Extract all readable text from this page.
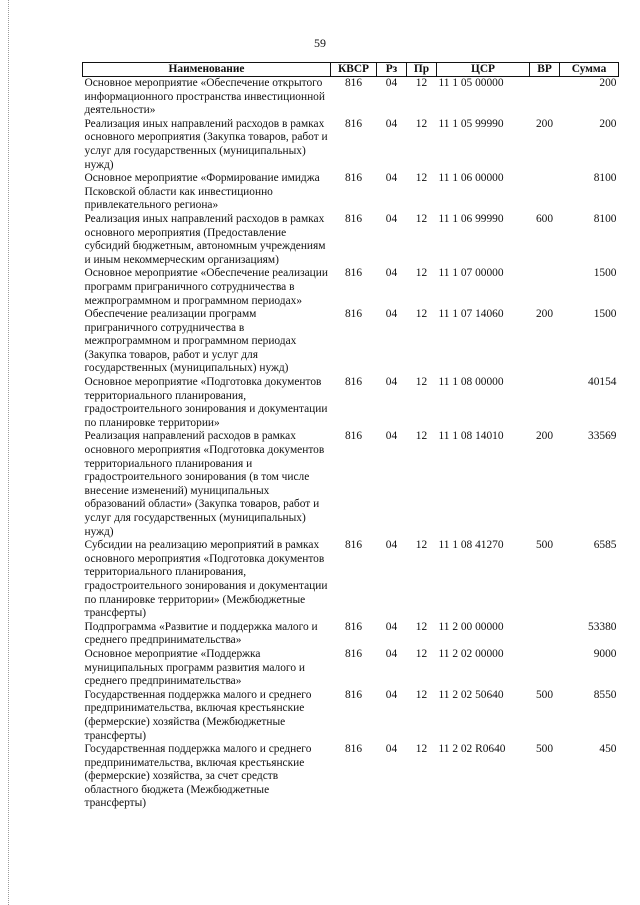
59
Наименование	КВСР	Рз	Пр	ЦСР	ВР	Сумма
Основное мероприятие «Обеспечение открытого информационного пространства инвестиционной деятельности»	816	04	12	11 1 05 00000		200
Реализация иных направлений расходов в рамках основного мероприятия (Закупка товаров, работ и услуг для государственных (муниципальных) нужд)	816	04	12	11 1 05 99990	200	200
Основное мероприятие «Формирование имиджа Псковской области как инвестиционно привлекательного региона»	816	04	12	11 1 06 00000		8100
Реализация иных направлений расходов в рамках основного мероприятия (Предоставление субсидий бюджетным, автономным учреждениям и иным некоммерческим организациям)	816	04	12	11 1 06 99990	600	8100
Основное мероприятие «Обеспечение реализации программ приграничного сотрудничества в межпрограммном и программном периодах»	816	04	12	11 1 07 00000		1500
Обеспечение реализации программ приграничного сотрудничества в межпрограммном и программном периодах (Закупка товаров, работ и услуг для государственных (муниципальных) нужд)	816	04	12	11 1 07 14060	200	1500
Основное мероприятие «Подготовка документов территориального планирования, градостроительного зонирования и документации по планировке территории»	816	04	12	11 1 08 00000		40154
Реализация направлений расходов в рамках основного мероприятия «Подготовка документов территориального планирования и градостроительного зонирования (в том числе внесение изменений) муниципальных образований области» (Закупка товаров, работ и услуг для государственных (муниципальных) нужд)	816	04	12	11 1 08 14010	200	33569
Субсидии на реализацию мероприятий в рамках основного мероприятия «Подготовка документов территориального планирования, градостроительного зонирования и документации по планировке территории» (Межбюджетные трансферты)	816	04	12	11 1 08 41270	500	6585
Подпрограмма «Развитие и поддержка малого и среднего предпринимательства»	816	04	12	11 2 00 00000		53380
Основное мероприятие «Поддержка муниципальных программ развития малого и среднего предпринимательства»	816	04	12	11 2 02 00000		9000
Государственная поддержка малого и среднего предпринимательства, включая крестьянские (фермерские) хозяйства (Межбюджетные трансферты)	816	04	12	11 2 02 50640	500	8550
Государственная поддержка малого и среднего предпринимательства, включая крестьянские (фермерские) хозяйства, за счет средств областного бюджета (Межбюджетные трансферты)	816	04	12	11 2 02 R0640	500	450
